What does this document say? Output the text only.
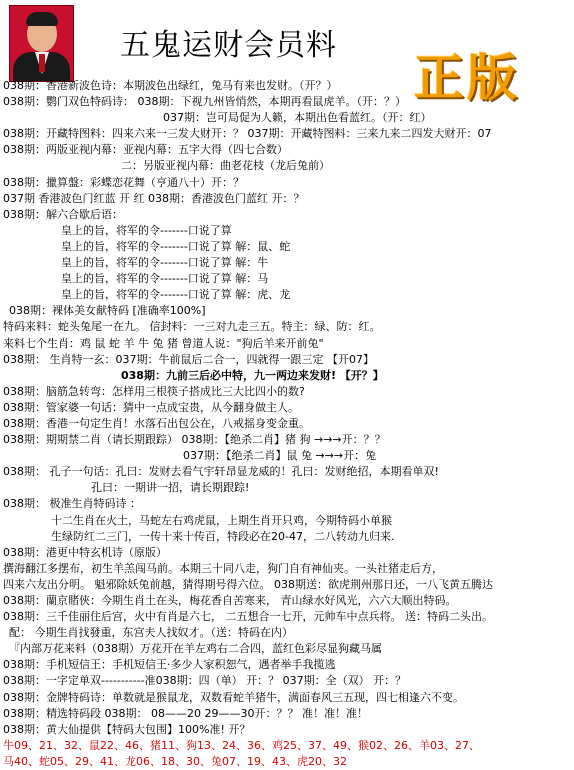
五鬼运财会员料
正版
038期：香港新波色诗：本期波色出绿红，兔马有来也发财。（开？）
038期：鹦门双色特码诗： 038期：下视九州皆悄然，本期再看鼠虎羊。（开：？）
037期：岂可局促为人籁，本期出色看蓝红。（开：红）
038期：开藏特图料：四来六来一三发大财开：？ 037期：开藏特图料：三来九来二四发大财开：07
038期：两版亚视内幕：亚视内幕：五字大得（四七合数）
二：另版亚视内幕：曲老花枝（龙后兔前）
038期：擸算盤：彩蝶恋花舞（亨通八十）开：？
037期 香港波色门红蓝 开 红 038期：香港波色门蓝红 开：？
038期：解六合歇后语：
皇上的旨，将军的令-------口说了算
皇上的旨，将军的令-------口说了算 解：鼠、蛇
皇上的旨，将军的令-------口说了算 解：牛
皇上的旨，将军的令-------口说了算 解：马
皇上的旨，将军的令-------口说了算 解：虎、龙
038期：裸体美女献特码 [准确率100%]
特码来料：蛇头兔尾一在九。 信封料：一三对九走三五。特主：绿、防：红。
来料七个生肖：鸡 鼠 蛇 羊 牛 兔 猪 曾道人说："狗后羊来开前兔"
038期： 生肖特一玄：037期：牛前鼠后二合一，四就得一跟三定 【开07】
038期：九前三后必中特，九一两边来发财! 【开？】
038期：脑筋急转弯：怎样用三根筷子搭成比三大比四小的数?
038期：管家婆一句话：猜中一点成宝贵，从今翻身做主人。
038期：香港一句定生肖！水落石出包公在，八戒摇身变金重。
038期：期期禁二肖（请长期跟踪） 038期：【绝杀二肖】猪 狗 →→→开：？？
037期：【绝杀二肖】鼠 兔 →→→开：兔
038期： 孔子一句话：孔曰：发财去看气宇轩昂显龙威的！孔曰：发财绝招，本期看单双!
孔曰：一期讲一招，请长期跟踪!
038期： 极准生肖特码诗 ：
十二生肖在火土，马蛇左右鸡虎鼠，上期生肖开只鸡，今期特码小单猴
生绿防红二三门，一传十来十传百，特段必在20-47，二八转动九归来.
038期：港更中特玄机诗（原版）
撰海翻江多摆布，初生羊羔闯马前。本期三十同八走，狗门自有神仙夹。一头社猪走后方，
四来六友出分明。 魁邪除妖兔前越，猜得期号得六位。 038期送：欲虎荆州那日还，一八飞黄五腾达
038期：蘭京賭俠：今期生肖土在头，梅花香自苦寒来， 青山绿水好风光，六六大顺出特码。
038期：三千佳丽住后宫，火中有肖是六七， 二五想合一七开，元帅车中点兵将。 送：特码二头出。
配： 今期生肖找發重，东宫夫人找奴才。（送：特码在内）
『内部万花来料（038期）万花开在羊左鸡右二合四，蓝红色彩尽显狗藏马属
038期：手机短信王：手机短信王·多少人家积恕气，遇者举手我揽逃
038期：一字定单双-----------准038期：四（单） 开：？ 037期：全（双） 开：？
038期：金牌特码诗：单数就是猴鼠龙，双数看蛇羊猪牛，满面春风三五现，四七相逢六不变。
038期：精选特码段 038期： 08——20 29——30开：？？ 准！准！准！
038期：黄大仙提供【特码大包围】100%准! 开？
牛09、21、32、鼠22、46、猪11、狗13、24、36、鸡25、37、49、猴02、26、羊03、27、
马40、蛇05、29、41、龙06、18、30、兔07、19、43、虎20、32
